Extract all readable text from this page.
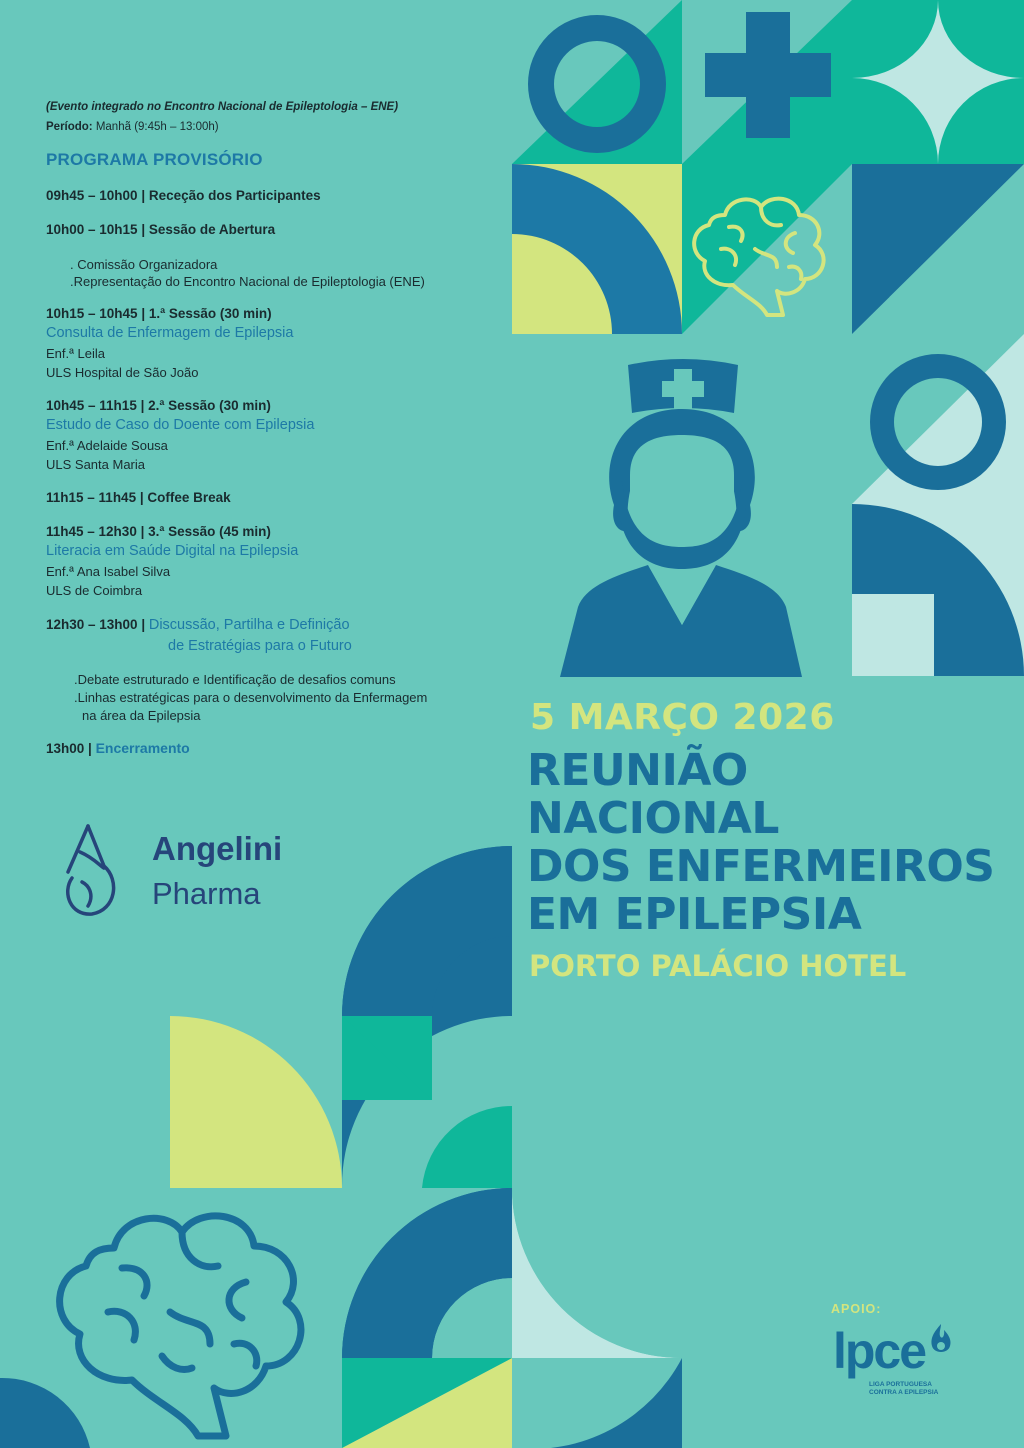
(Evento integrado no Encontro Nacional de Epileptologia – ENE)
Período: Manhã (9:45h – 13:00h)
PROGRAMA PROVISÓRIO
09h45 – 10h00 | Receção dos Participantes
10h00 – 10h15 | Sessão de Abertura
. Comissão Organizadora
.Representação do Encontro Nacional de Epileptologia (ENE)
10h15 – 10h45 | 1.ª Sessão (30 min)
Consulta de Enfermagem de Epilepsia
Enf.ª Leila
ULS Hospital de São João
10h45 – 11h15 | 2.ª Sessão (30 min)
Estudo de Caso do Doente com Epilepsia
Enf.ª Adelaide Sousa
ULS Santa Maria
11h15 – 11h45 | Coffee Break
11h45 – 12h30 | 3.ª Sessão (45 min)
Literacia em Saúde Digital na Epilepsia
Enf.ª Ana Isabel Silva
ULS de Coimbra
12h30 – 13h00 | Discussão, Partilha e Definição
de Estratégias para o Futuro
.Debate estruturado e Identificação de desafios comuns
.Linhas estratégicas para o desenvolvimento da Enfermagem
na área da Epilepsia
13h00 | Encerramento
Angelini
Pharma
5 MARÇO 2026
REUNIÃO
NACIONAL
DOS ENFERMEIROS
EM EPILEPSIA
PORTO PALÁCIO HOTEL
APOIO:
lpce
LIGA PORTUGUESA
CONTRA A EPILEPSIA
